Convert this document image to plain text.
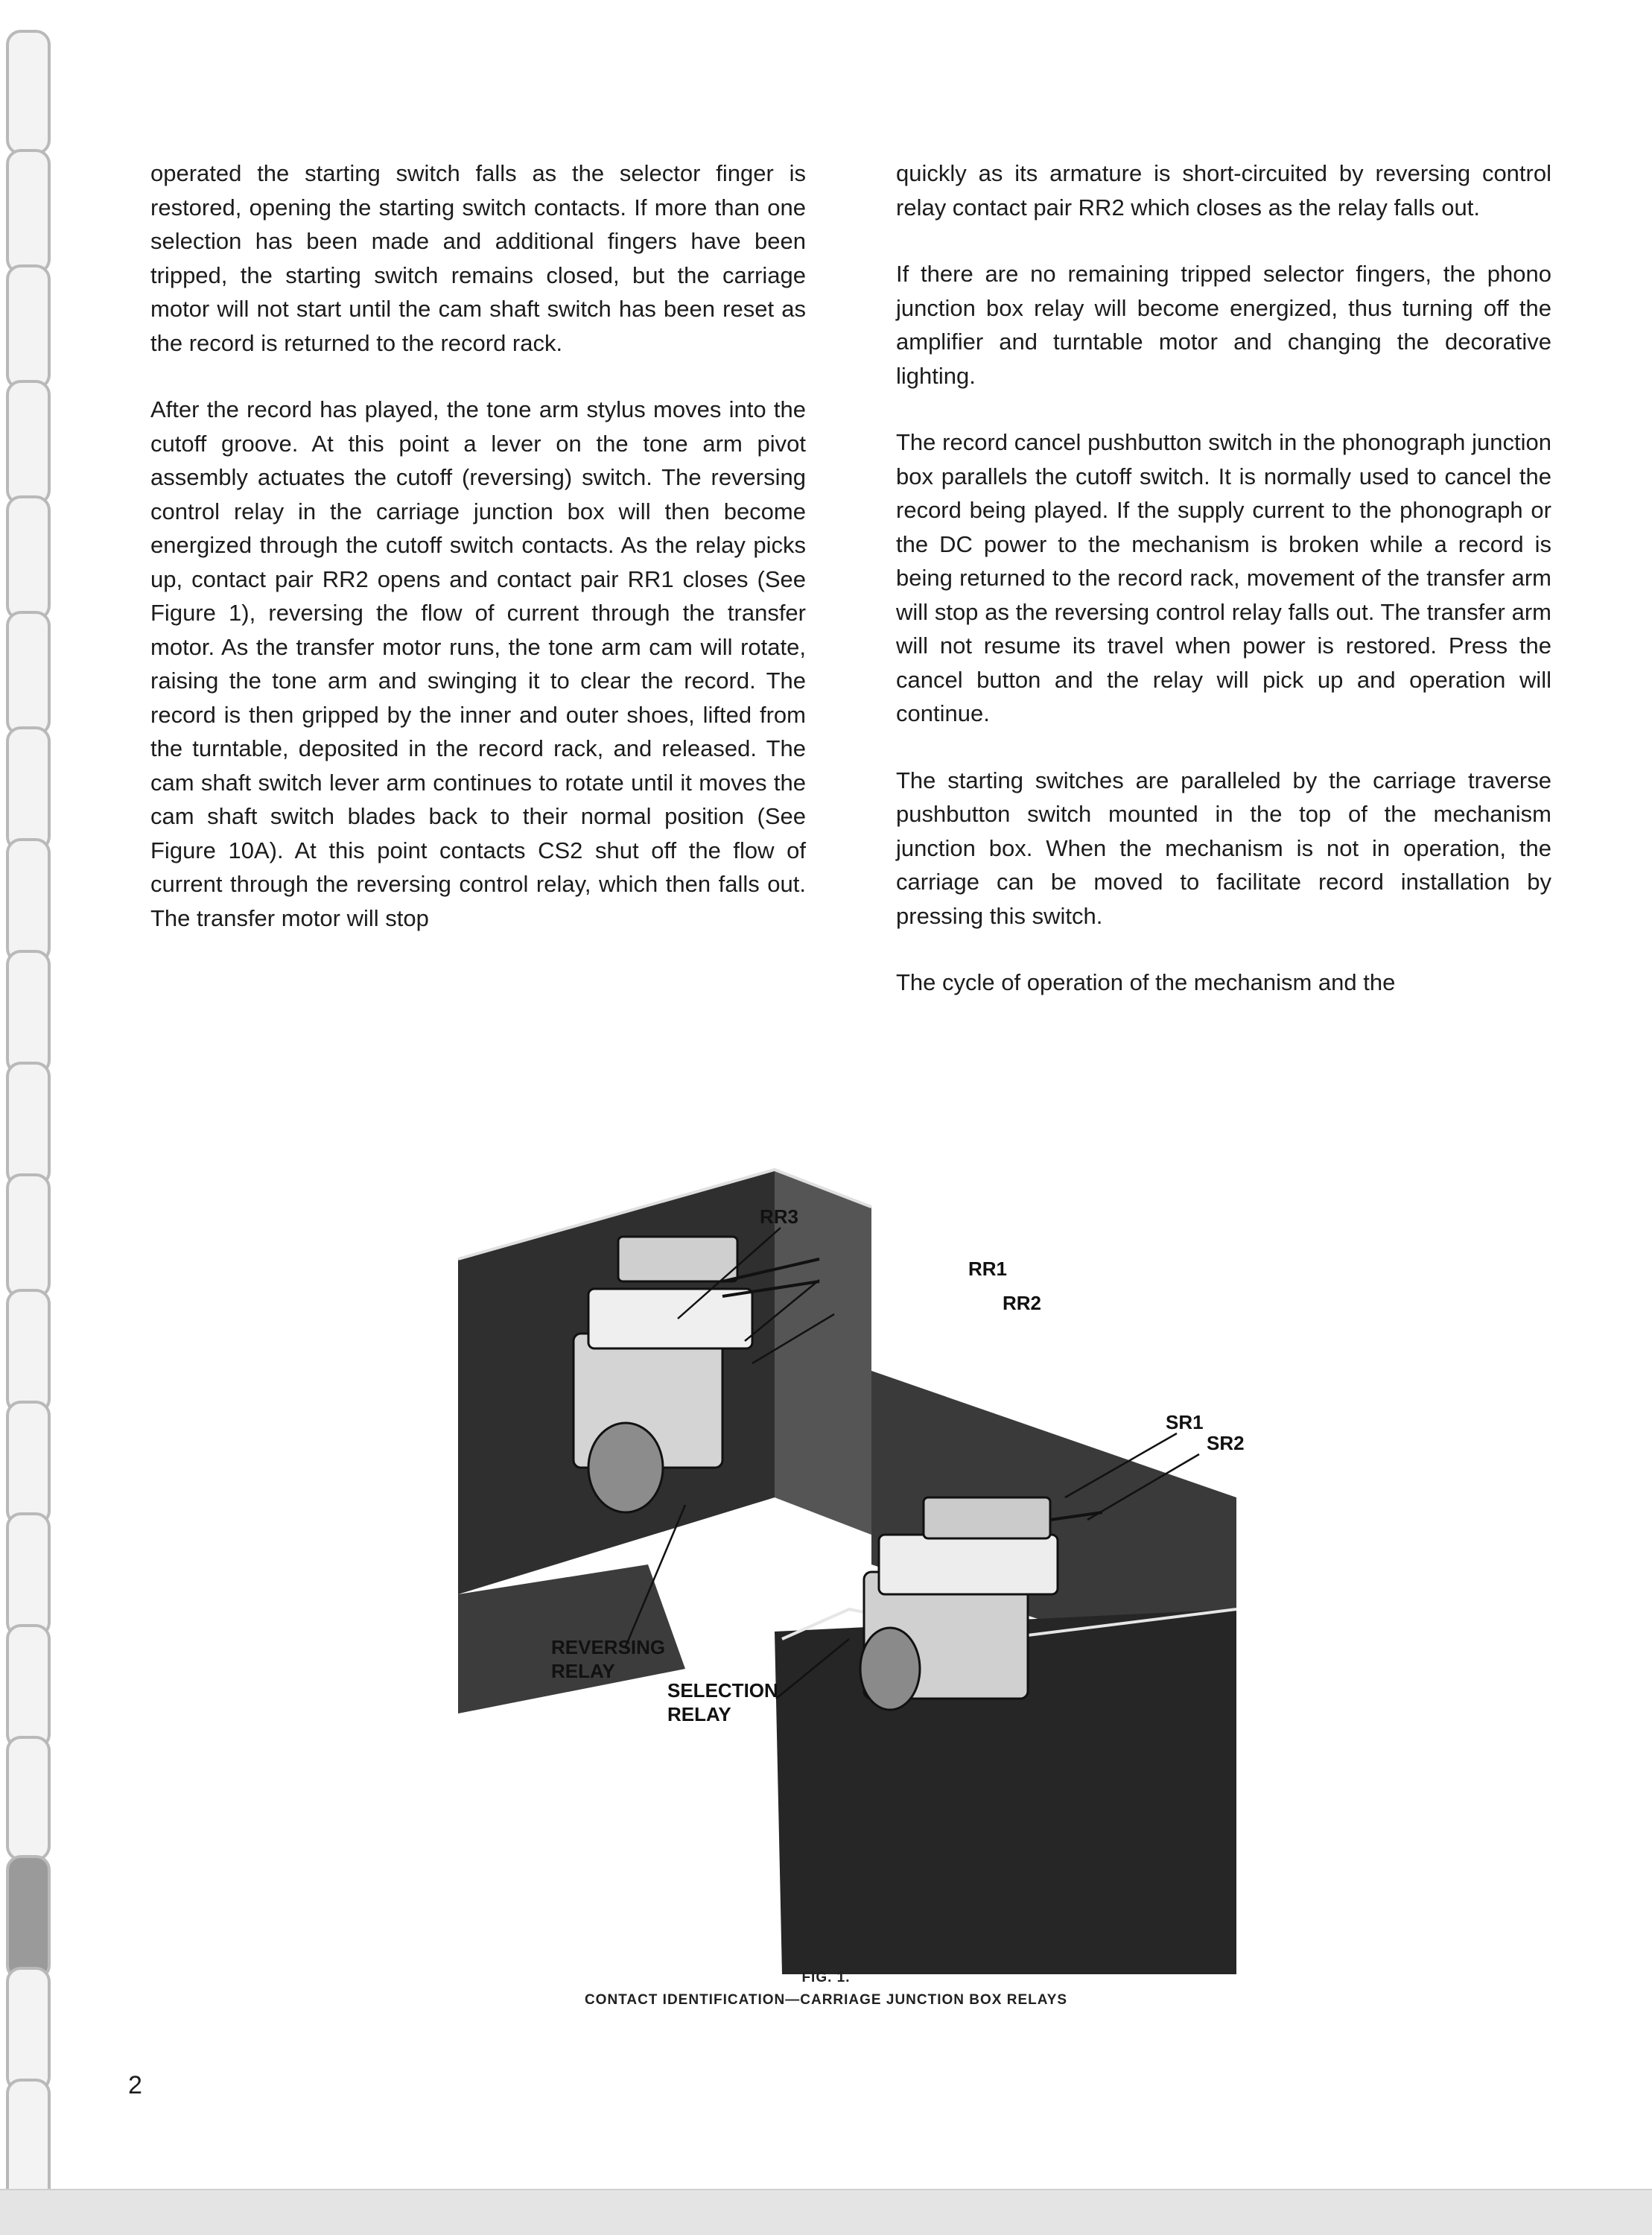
operated the starting switch falls as the selector finger is restored, opening the starting switch contacts. If more than one selection has been made and additional fingers have been tripped, the starting switch remains closed, but the carriage motor will not start until the cam shaft switch has been reset as the record is returned to the record rack.

After the record has played, the tone arm stylus moves into the cutoff groove. At this point a lever on the tone arm pivot assembly actuates the cutoff (reversing) switch. The reversing control relay in the carriage junction box will then become energized through the cutoff switch contacts. As the relay picks up, contact pair RR2 opens and contact pair RR1 closes (See Figure 1), reversing the flow of current through the transfer motor. As the transfer motor runs, the tone arm cam will rotate, raising the tone arm and swinging it to clear the record. The record is then gripped by the inner and outer shoes, lifted from the turntable, deposited in the record rack, and released. The cam shaft switch lever arm continues to rotate until it moves the cam shaft switch blades back to their normal position (See Figure 10A). At this point contacts CS2 shut off the flow of current through the reversing control relay, which then falls out. The transfer motor will stop

quickly as its armature is short-circuited by reversing control relay contact pair RR2 which closes as the relay falls out.

If there are no remaining tripped selector fingers, the phono junction box relay will become energized, thus turning off the amplifier and turntable motor and changing the decorative lighting.

The record cancel pushbutton switch in the phonograph junction box parallels the cutoff switch. It is normally used to cancel the record being played. If the supply current to the phonograph or the DC power to the mechanism is broken while a record is being returned to the record rack, movement of the transfer arm will stop as the reversing control relay falls out. The transfer arm will not resume its travel when power is restored. Press the cancel button and the relay will pick up and operation will continue.

The starting switches are paralleled by the carriage traverse pushbutton switch mounted in the top of the mechanism junction box. When the mechanism is not in operation, the carriage can be moved to facilitate record installation by pressing this switch.

The cycle of operation of the mechanism and the

RR3
RR1
RR2
SR1
SR2
REVERSING
RELAY
SELECTION
RELAY
FIG. 1.
CONTACT IDENTIFICATION—CARRIAGE JUNCTION BOX RELAYS
2
